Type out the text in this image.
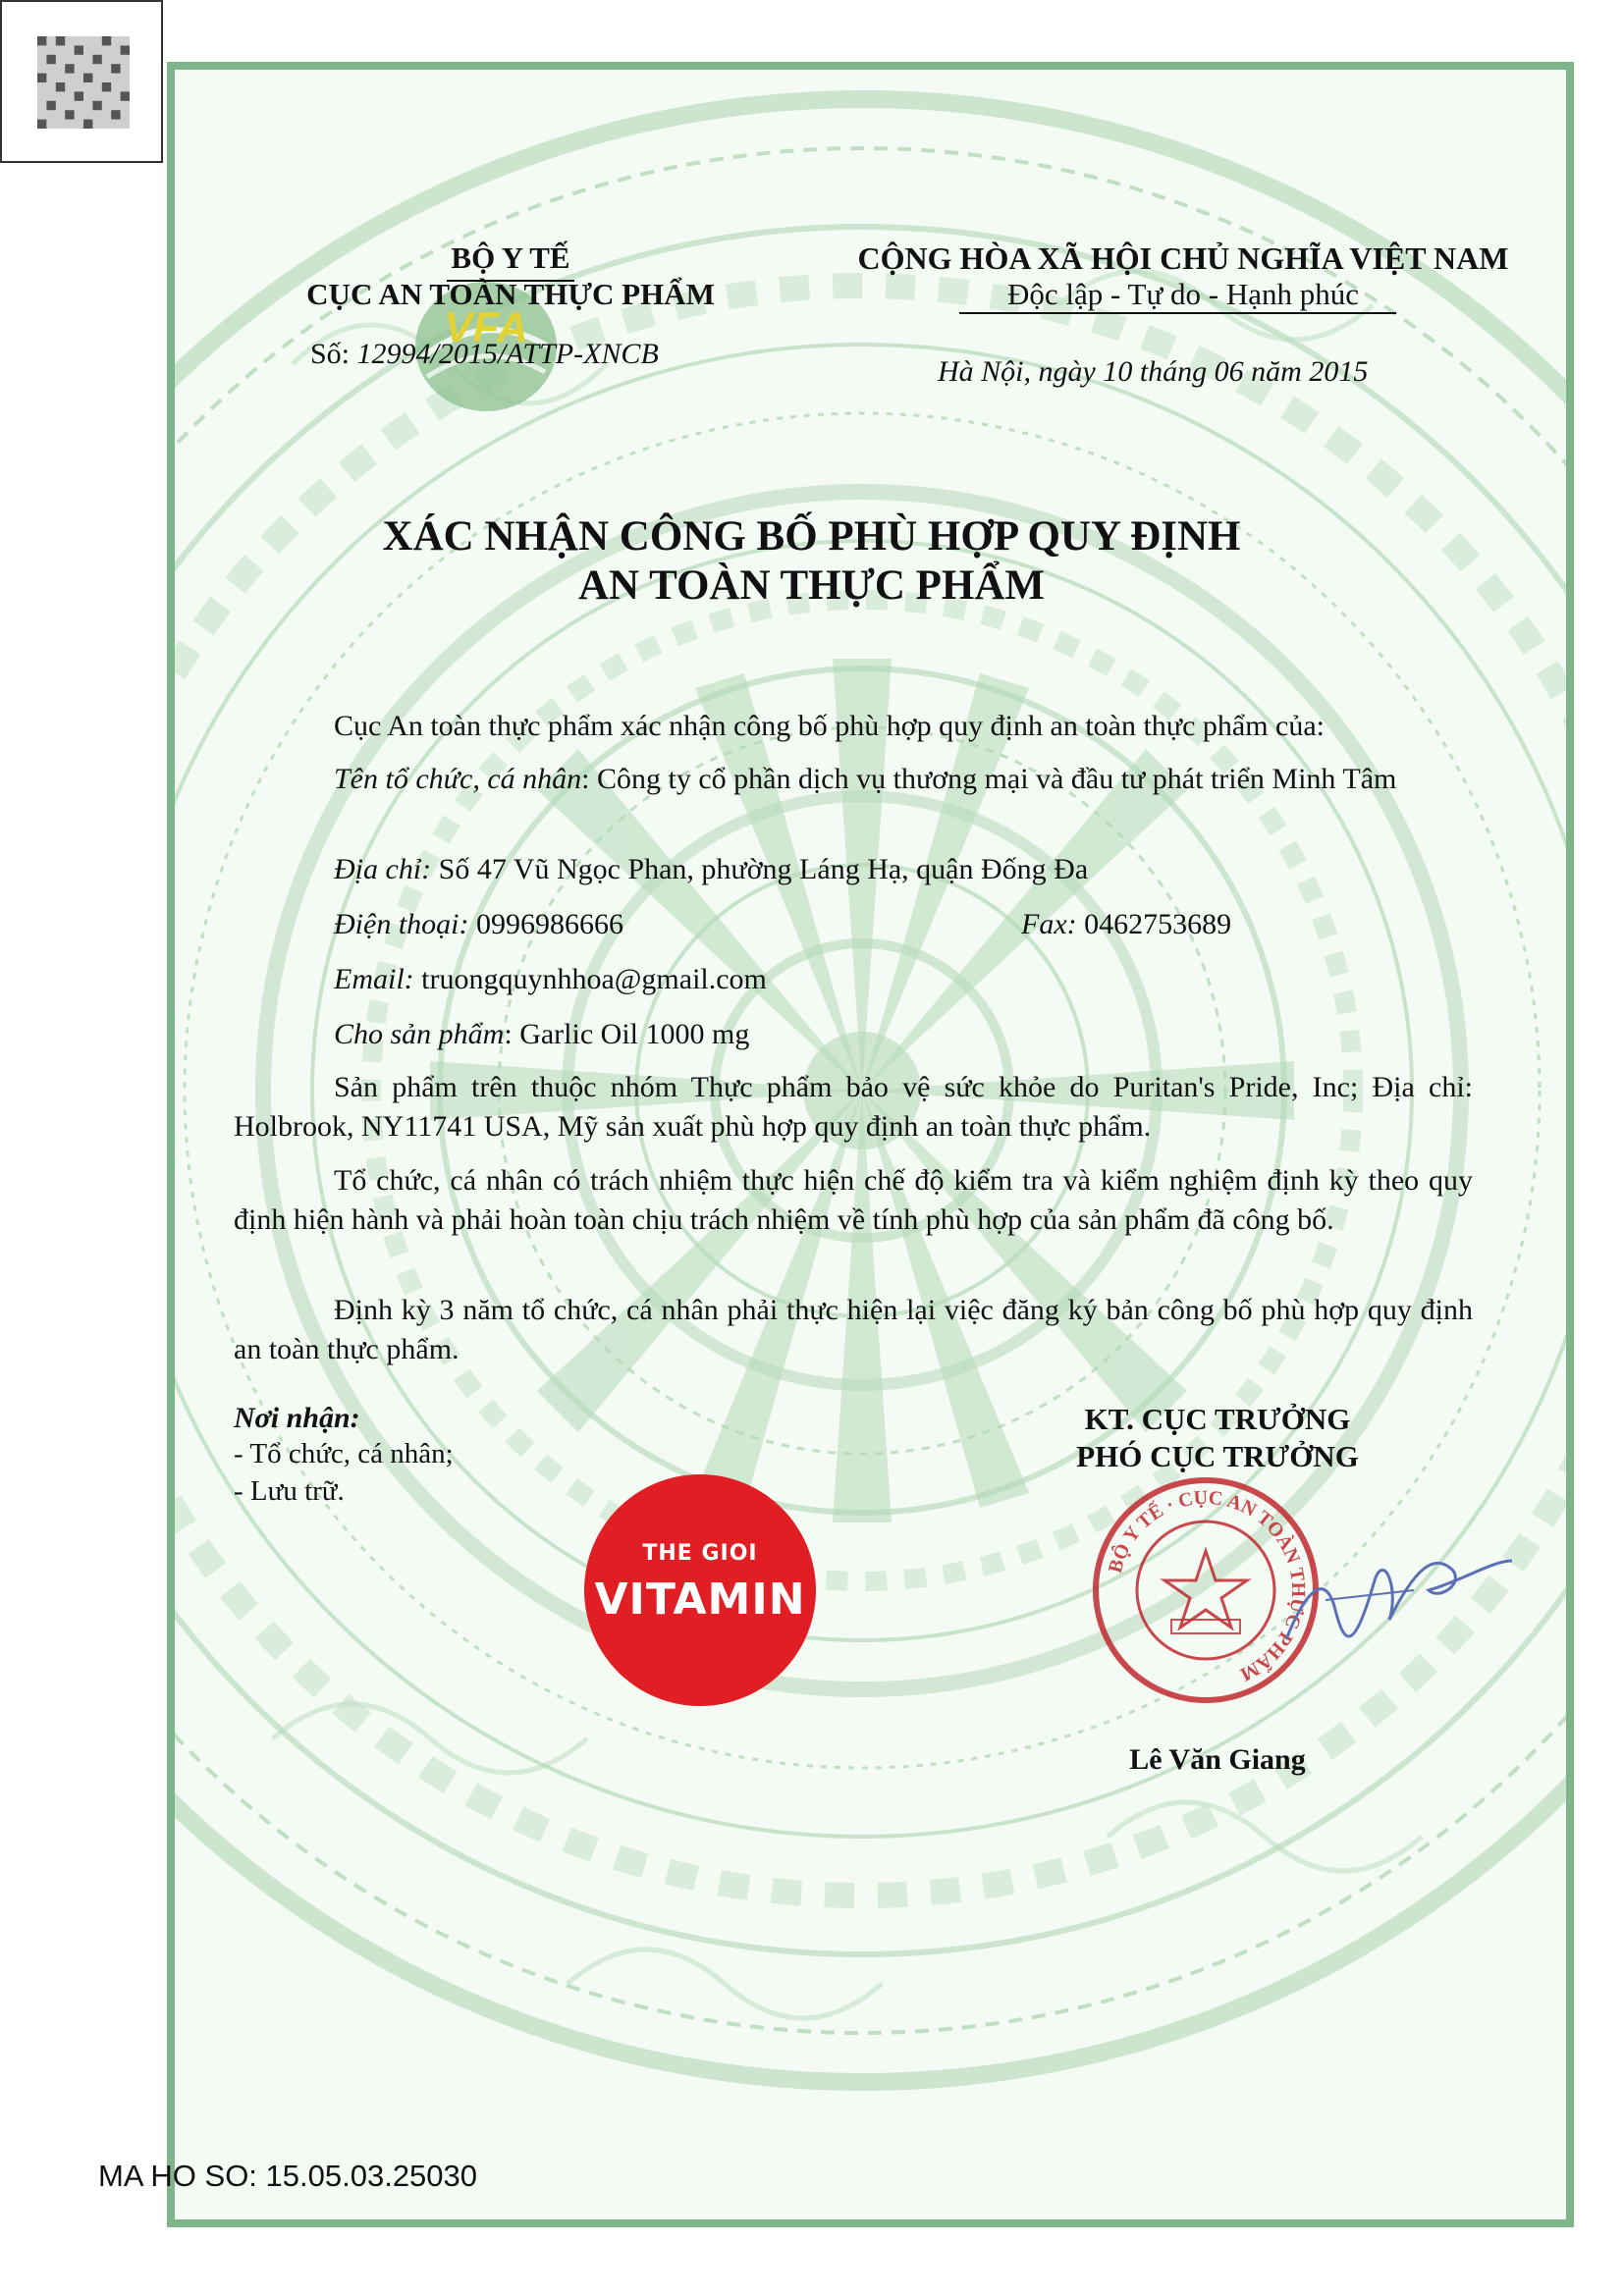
VFA
BỘ Y TẾ
CỤC AN TOÀN THỰC PHẨM
Số: 12994/2015/ATTP-XNCB
CỘNG HÒA XÃ HỘI CHỦ NGHĨA VIỆT NAM
Độc lập - Tự do - Hạnh phúc
Hà Nội, ngày 10 tháng 06 năm 2015
XÁC NHẬN CÔNG BỐ PHÙ HỢP QUY ĐỊNH
AN TOÀN THỰC PHẨM
Cục An toàn thực phẩm xác nhận công bố phù hợp quy định an toàn thực phẩm của:
Tên tổ chức, cá nhân: Công ty cổ phần dịch vụ thương mại và đầu tư phát triển Minh Tâm
Địa chỉ: Số 47 Vũ Ngọc Phan, phường Láng Hạ, quận Đống Đa
Điện thoại: 0996986666	Fax: 0462753689
Email: truongquynhhoa@gmail.com
Cho sản phẩm: Garlic Oil 1000 mg
Sản phẩm trên thuộc nhóm Thực phẩm bảo vệ sức khỏe do Puritan's Pride, Inc; Địa chỉ: Holbrook, NY11741 USA, Mỹ sản xuất phù hợp quy định an toàn thực phẩm.
Tổ chức, cá nhân có trách nhiệm thực hiện chế độ kiểm tra và kiểm nghiệm định kỳ theo quy định hiện hành và phải hoàn toàn chịu trách nhiệm về tính phù hợp của sản phẩm đã công bố.
Định kỳ 3 năm tổ chức, cá nhân phải thực hiện lại việc đăng ký bản công bố phù hợp quy định an toàn thực phẩm.
Nơi nhận:
- Tổ chức, cá nhân;
- Lưu trữ.
KT. CỤC TRƯỞNG
PHÓ CỤC TRƯỞNG
BỘ Y TẾ · CỤC AN TOÀN THỰC PHẨM
Lê Văn Giang
THE GIOI
VITAMIN
MA HO SO: 15.05.03.25030
